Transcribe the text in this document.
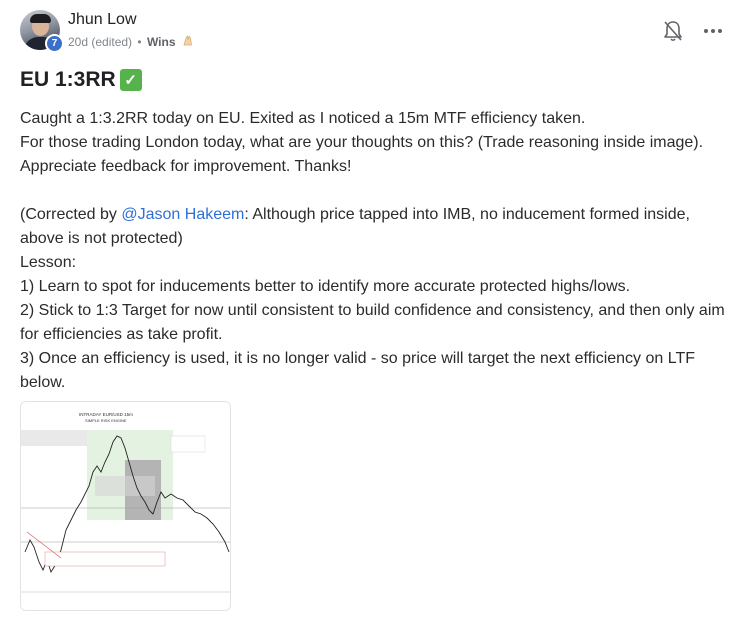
7
Jhun Low
20d (edited) • Wins
EU 1:3RR ✓

Caught a 1:3.2RR today on EU. Exited as I noticed a 15m MTF efficiency taken.

For those trading London today, what are your thoughts on this? (Trade reasoning inside image).

Appreciate feedback for improvement. Thanks!

(Corrected by @Jason Hakeem: Although price tapped into IMB, no inducement formed inside,

above is not protected)

Lesson:

1) Learn to spot for inducements better to identify more accurate protected highs/lows.

2) Stick to 1:3 Target for now until consistent to build confidence and consistency, and then only aim

for efficiencies as take profit.

3) Once an efficiency is used, it is no longer valid - so price will target the next efficiency on LTF

below.

INTRADAY EUR/USD 15m
SIMPLE RISK ENGINE
